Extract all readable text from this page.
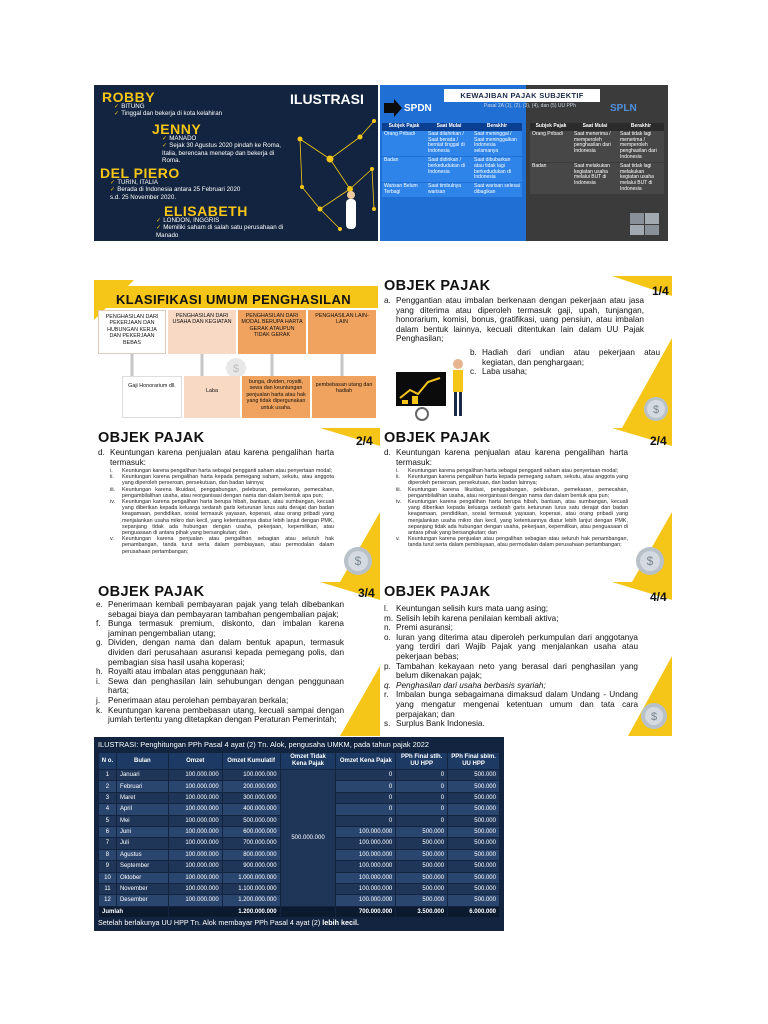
ROBBY
✓ BITUNG
✓ Tinggal dan bekerja di kota kelahiran
JENNY
✓ MANADO
✓ Sejak 30 Agustus 2020 pindah ke Roma, Italia, berencana menetap dan bekerja di Roma.
DEL PIERO
✓ TURIN, ITALIA
✓ Berada di Indonesia antara 25 Februari 2020 s.d. 25 November 2020.
ELISABETH
✓ LONDON, INGGRIS
✓ Memiliki saham di salah satu perusahaan di Manado
ILUSTRASI
SPDN	SPLN
KEWAJIBAN PAJAK SUBJEKTIF
Pasal 2A (1), (2), (3), (4), dan (5) UU PPh
Subjek Pajak	Saat Mulai	Berakhir
Orang Pribadi	Saat dilahirkan / Saat berada / berniat tinggal di Indonesia	Saat meninggal / Saat meninggalkan Indonesia selamanya
Badan	Saat didirikan / berkedudukan di Indonesia	Saat dibubarkan atau tidak lagi berkedudukan di Indonesia
Warisan Belum Terbagi	Saat timbulnya warisan	Saat warisan selesai dibagikan
Subjek Pajak	Saat Mulai	Berakhir
Orang Pribadi	Saat menerima / memperoleh penghasilan dari Indonesia	Saat tidak lagi menerima / memperoleh penghasilan dari Indonesia
Badan	Saat melakukan kegiatan usaha melalui BUT di Indonesia	Saat tidak lagi melakukan kegiatan usaha melalui BUT di Indonesia
KLASIFIKASI UMUM PENGHASILAN
PENGHASILAN DARI PEKERJAAN DAN HUBUNGAN KERJA DAN PEKERJAAN BEBAS
PENGHASILAN DARI USAHA DAN KEGIATAN
PENGHASILAN DARI MODAL BERUPA HARTA GERAK ATAUPUN TIDAK GERAK
PENGHASILAN LAIN-LAIN
$
Gaji Honorarium dll.
Laba
bunga, dividen, royalti, sewa dan keuntungan penjualan harta atau hak yang tidak dipergunakan untuk usaha.
pembebasan utang dan hadiah
OBJEK PAJAK	1/4
a. Penggantian atau imbalan berkenaan dengan pekerjaan atau jasa yang diterima atau diperoleh termasuk gaji, upah, tunjangan, honorarium, komisi, bonus, gratifikasi, uang pensiun, atau imbalan dalam bentuk lainnya, kecuali ditentukan lain dalam UU Pajak Penghasilan;
b. Hadiah dari undian atau pekerjaan atau kegiatan, dan penghargaan;
c. Laba usaha;
$
OBJEK PAJAK	2/4
d. Keuntungan karena penjualan atau karena pengalihan harta termasuk:
i.	Keuntungan karena pengalihan harta sebagai pengganti saham atau penyertaan modal;
ii.	Keuntungan karena pengalihan harta kepada pemegang saham, sekutu, atau anggota yang diperoleh perseroan, persekutuan, dan badan lainnya;
iii.	Keuntungan karena likuidasi, penggabungan, peleburan, pemekaran, pemecahan, pengambilalihan usaha, atau reorganisasi dengan nama dan dalam bentuk apa pun;
iv.	Keuntungan karena pengalihan harta berupa hibah, bantuan, atau sumbangan, kecuali yang diberikan kepada keluarga sedarah garis keturunan lurus satu derajat dan badan keagamaan, pendidikan, sosial termasuk yayasan, koperasi, atau orang pribadi yang menjalankan usaha mikro dan kecil, yang ketentuannya diatur lebih lanjut dengan PMK, sepanjang tidak ada hubungan dengan usaha, pekerjaan, kepemilikan, atau penguasaan di antara pihak yang bersangkutan; dan
v.	Keuntungan karena penjualan atau pengalihan sebagian atau seluruh hak penambangan, tanda turut serta dalam pembiayaan, atau permodalan dalam perusahaan pertambangan;
$
OBJEK PAJAK	2/4
d. Keuntungan karena penjualan atau karena pengalihan harta termasuk:
i.	Keuntungan karena pengalihan harta sebagai pengganti saham atau penyertaan modal;
ii.	Keuntungan karena pengalihan harta kepada pemegang saham, sekutu, atau anggota yang diperoleh perseroan, persekutuan, dan badan lainnya;
iii.	Keuntungan karena likuidasi, penggabungan, peleburan, pemekaran, pemecahan, pengambilalihan usaha, atau reorganisasi dengan nama dan dalam bentuk apa pun;
iv.	Keuntungan karena pengalihan harta berupa hibah, bantuan, atau sumbangan, kecuali yang diberikan kepada keluarga sedarah garis keturunan lurus satu derajat dan badan keagamaan, pendidikan, sosial termasuk yayasan, koperasi, atau orang pribadi yang menjalankan usaha mikro dan kecil, yang ketentuannya diatur lebih lanjut dengan PMK, sepanjang tidak ada hubungan dengan usaha, pekerjaan, kepemilikan, atau penguasaan di antara pihak yang bersangkutan; dan
v.	Keuntungan karena penjualan atau pengalihan sebagian atau seluruh hak penambangan, tanda turut serta dalam pembiayaan, atau permodalan dalam perusahaan pertambangan;
$
OBJEK PAJAK	3/4
e. Penerimaan kembali pembayaran pajak yang telah dibebankan sebagai biaya dan pembayaran tambahan pengembalian pajak;
f. Bunga termasuk premium, diskonto, dan imbalan karena jaminan pengembalian utang;
g. Dividen, dengan nama dan dalam bentuk apapun, termasuk dividen dari perusahaan asuransi kepada pemegang polis, dan pembagian sisa hasil usaha koperasi;
h. Royalti atau imbalan atas penggunaan hak;
i. Sewa dan penghasilan lain sehubungan dengan penggunaan harta;
j. Penerimaan atau perolehan pembayaran berkala;
k. Keuntungan karena pembebasan utang, kecuali sampai dengan jumlah tertentu yang ditetapkan dengan Peraturan Pemerintah;
OBJEK PAJAK	4/4
l. Keuntungan selisih kurs mata uang asing;
m. Selisih lebih karena penilaian kembali aktiva;
n. Premi asuransi;
o. Iuran yang diterima atau diperoleh perkumpulan dari anggotanya yang terdiri dari Wajib Pajak yang menjalankan usaha atau pekerjaan bebas;
p. Tambahan kekayaan neto yang berasal dari penghasilan yang belum dikenakan pajak;
q. Penghasilan dari usaha berbasis syariah;
r. Imbalan bunga sebagaimana dimaksud dalam Undang - Undang yang mengatur mengenai ketentuan umum dan tata cara perpajakan; dan
s. Surplus Bank Indonesia.
$
ILUSTRASI: Penghitungan PPh Pasal 4 ayat (2) Tn. Alok, pengusaha UMKM, pada tahun pajak 2022
N o.	Bulan	Omzet	Omzet Kumulatif	Omzet Tidak Kena Pajak	Omzet Kena Pajak	PPh Final stlh. UU HPP	PPh Final sblm. UU HPP
1	Januari	100.000.000	100.000.000	500.000.000	0	0	500.000
2	Februari	100.000.000	200.000.000		0	0	500.000
3	Maret	100.000.000	300.000.000		0	0	500.000
4	April	100.000.000	400.000.000		0	0	500.000
5	Mei	100.000.000	500.000.000		0	0	500.000
6	Juni	100.000.000	600.000.000		100.000.000	500.000	500.000
7	Juli	100.000.000	700.000.000		100.000.000	500.000	500.000
8	Agustus	100.000.000	800.000.000		100.000.000	500.000	500.000
9	September	100.000.000	900.000.000		100.000.000	500.000	500.000
10	Oktober	100.000.000	1.000.000.000		100.000.000	500.000	500.000
11	November	100.000.000	1.100.000.000		100.000.000	500.000	500.000
12	Desember	100.000.000	1.200.000.000		100.000.000	500.000	500.000
Jumlah		1.200.000.000			700.000.000	3.500.000	6.000.000
Setelah berlakunya UU HPP Tn. Alok membayar PPh Pasal 4 ayat (2) lebih kecil.
